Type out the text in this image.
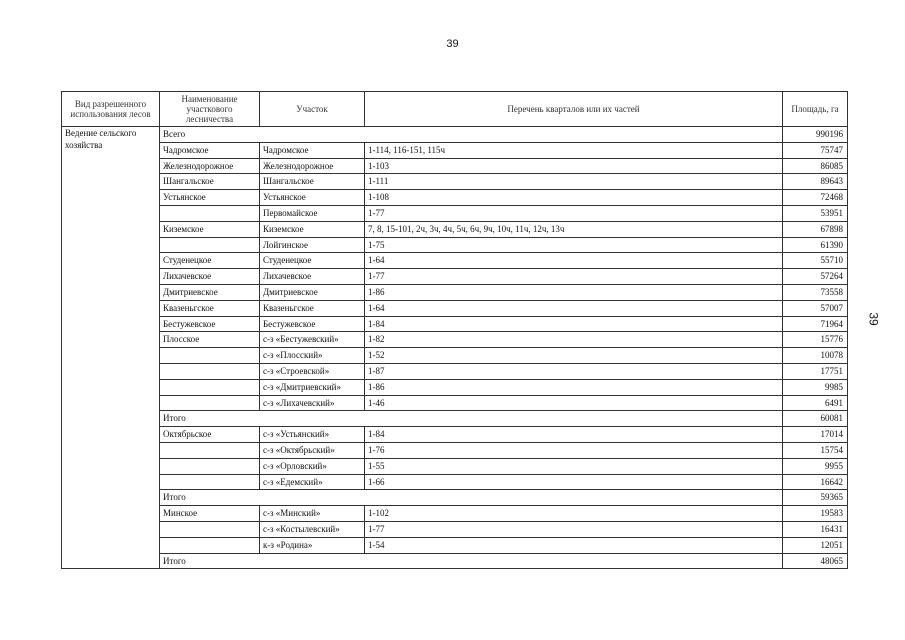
39
39
Вид разрешенного использования лесов	Наименование участкового лесничества	Участок	Перечень кварталов или их частей	Площадь, га
Ведение сельского хозяйства	Всего			990196
	Чадромское	Чадромское	1-114, 116-151, 115ч	75747
	Железнодорожное	Железнодорожное	1-103	86085
	Шангальское	Шангальское	1-111	89643
	Устьянское	Устьянское	1-108	72468
		Первомайское	1-77	53951
	Киземское	Киземское	7, 8, 15-101, 2ч, 3ч, 4ч, 5ч, 6ч, 9ч, 10ч, 11ч, 12ч, 13ч	67898
		Лойгинское	1-75	61390
	Студенецкое	Студенецкое	1-64	55710
	Лихачевское	Лихачевское	1-77	57264
	Дмитриевское	Дмитриевское	1-86	73558
	Квазеньгское	Квазеньгское	1-64	57007
	Бестужевское	Бестужевское	1-84	71964
	Плосское	с-з «Бестужевский»	1-82	15776
		с-з «Плосский»	1-52	10078
		с-з «Строевской»	1-87	17751
		с-з «Дмитриевский»	1-86	9985
		с-з «Лихачевский»	1-46	6491
	Итого			60081
	Октябрьское	с-з «Устьянский»	1-84	17014
		с-з «Октябрьский»	1-76	15754
		с-з «Орловский»	1-55	9955
		с-з «Едемский»	1-66	16642
	Итого			59365
	Минское	с-з «Минский»	1-102	19583
		с-з «Костылевский»	1-77	16431
		к-з «Родина»	1-54	12051
	Итого			48065
